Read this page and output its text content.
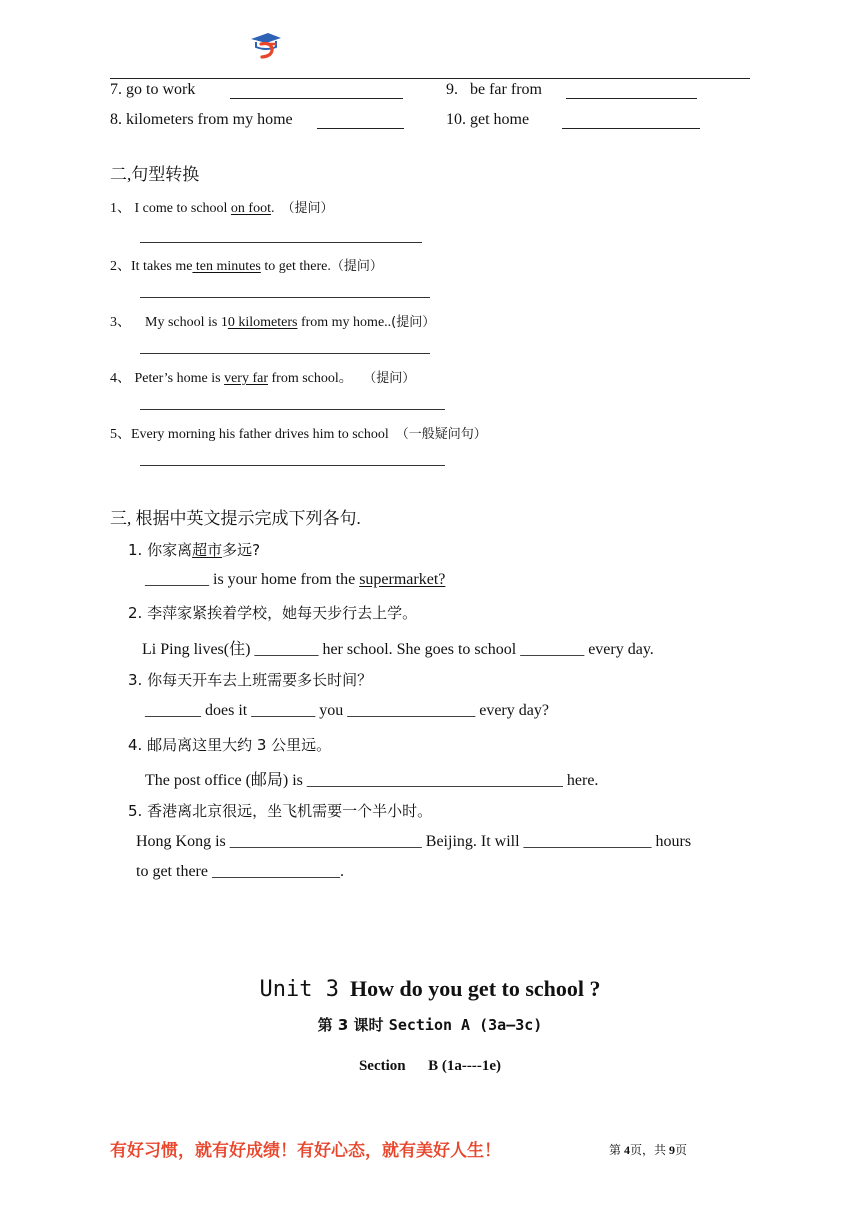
7. go to work	9. be far from
8. kilometers from my home	10. get home
二,句型转换
1、 I come to school on foot. （提问）
2、It takes me ten minutes to get there.（提问）
3、 My school is 10 kilometers from my home..(提问）
4、 Peter’s home is very far from school。 （提问）
5、Every morning his father drives him to school （一般疑问句）
三, 根据中英文提示完成下列各句.
1. 你家离超市多远?
________ is your home from the supermarket?
2. 李萍家紧挨着学校，她每天步行去上学。
Li Ping lives(住) ________ her school. She goes to school ________ every day.
3. 你每天开车去上班需要多长时间？
_______ does it ________ you ________________ every day?
4. 邮局离这里大约 3 公里远。
The post office (邮局) is ________________________________ here.
5. 香港离北京很远，坐飞机需要一个半小时。
Hong Kong is ________________________ Beijing. It will ________________ hours
to get there ________________.
Unit 3 How do you get to school ?
第 3 课时 Section A (3a—3c)
Section B (1a----1e)
有好习惯，就有好成绩！有好心态，就有美好人生！	第 4页，共 9页
